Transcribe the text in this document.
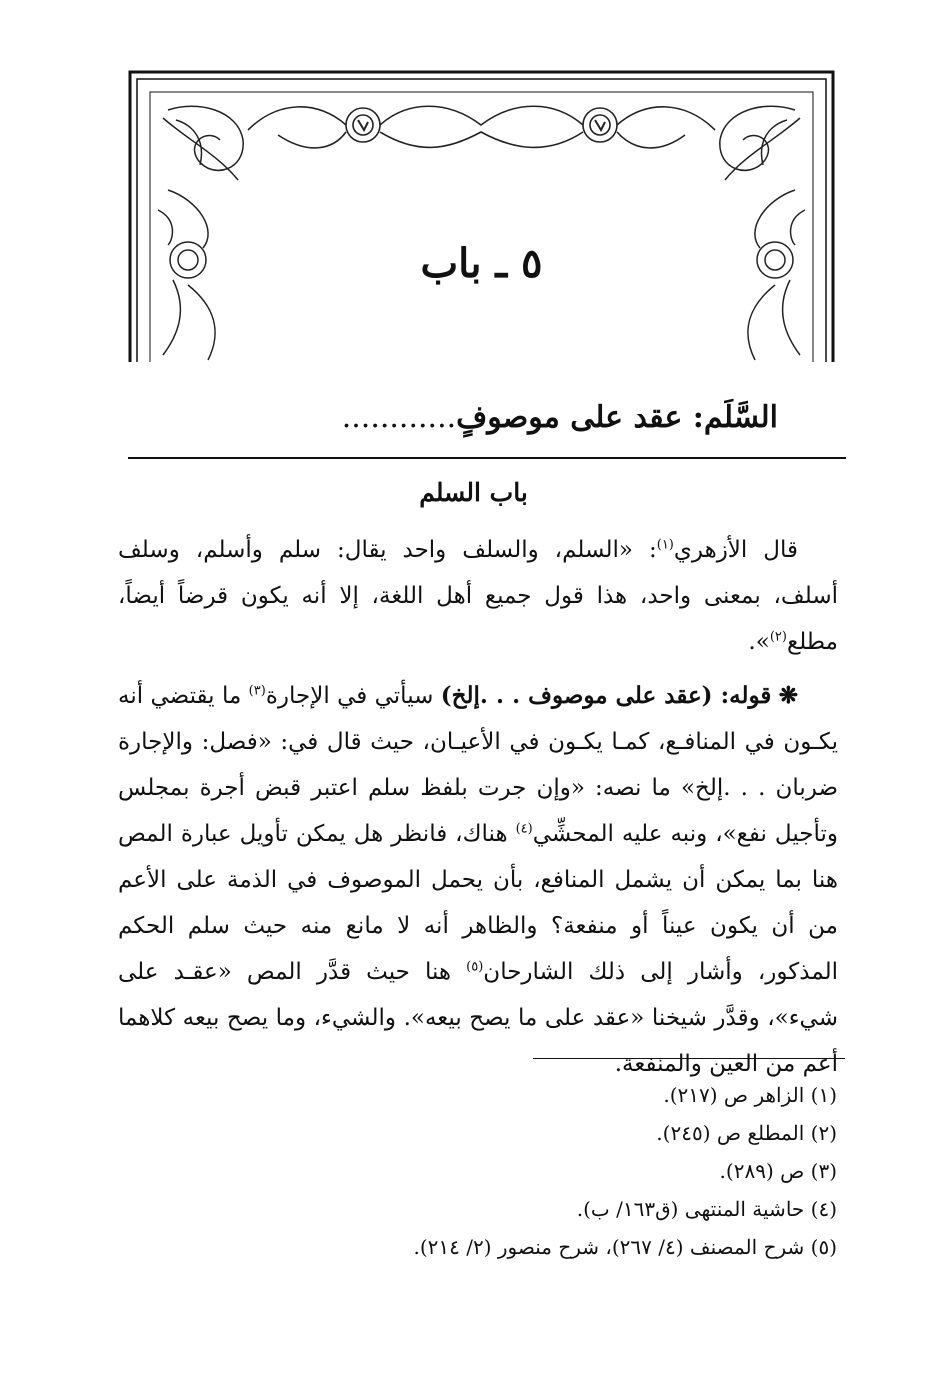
٥ ـ باب
السَّلَم: عقد على موصوفٍ............
باب السلم

قال الأزهري$^{(١)}$: «السلم، والسلف واحد يقال: سلم وأسلم، وسلف أسلف، بمعنى واحد، هذا قول جميع أهل اللغة، إلا أنه يكون قرضاً أيضاً، مطلع$^{(٢)}$».

❋ قوله: (عقد على موصوف . . .إلخ) سيأتي في الإجارة$^{(٣)}$ ما يقتضي أنه يكـون في المنافـع، كمـا يكـون في الأعيـان، حيث قال في: «فصل: والإجارة ضربان . . .إلخ» ما نصه: «وإن جرت بلفظ سلم اعتبر قبض أجرة بمجلس وتأجيل نفع»، ونبه عليه المحشِّي$^{(٤)}$ هناك، فانظر هل يمكن تأويل عبارة المص هنا بما يمكن أن يشمل المنافع، بأن يحمل الموصوف في الذمة على الأعم من أن يكون عيناً أو منفعة؟ والظاهر أنه لا مانع منه حيث سلم الحكم المذكور، وأشار إلى ذلك الشارحان$^{(٥)}$ هنا حيث قدَّر المص «عقـد على شيء»، وقدَّر شيخنا «عقد على ما يصح بيعه». والشيء، وما يصح بيعه كلاهما أعم من العين والمنفعة.

(١) الزاهر ص (٢١٧).
(٢) المطلع ص (٢٤٥).
(٣) ص (٢٨٩).
(٤) حاشية المنتهى (ق١٦٣/ ب).
(٥) شرح المصنف (٤/ ٢٦٧)، شرح منصور (٢/ ٢١٤).
